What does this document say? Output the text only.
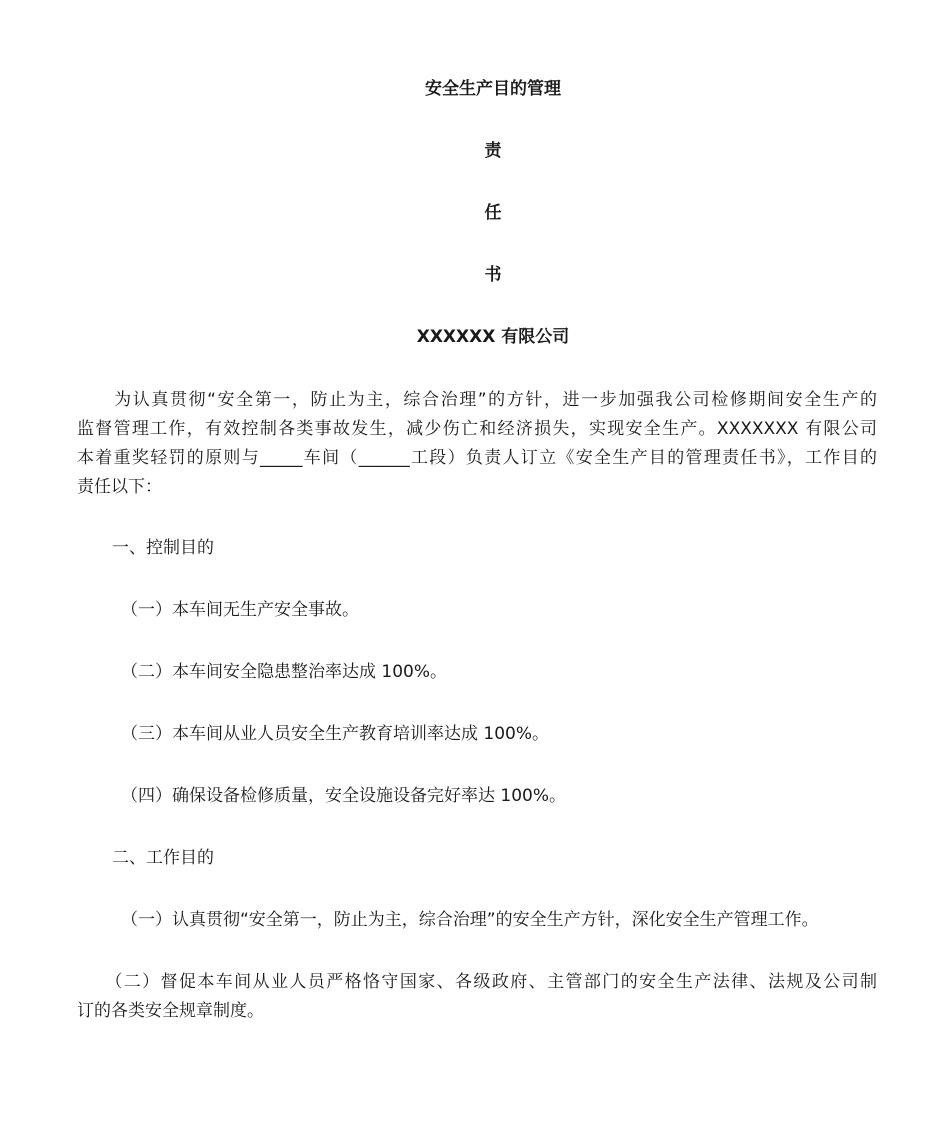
安全生产目的管理

责

任

书

XXXXXX 有限公司

　　为认真贯彻“安全第一，防止为主，综合治理”的方针，进一步加强我公司检修期间安全生产的

监督管理工作，有效控制各类事故发生，减少伤亡和经济损失，实现安全生产。XXXXXXX 有限公司

本着重奖轻罚的原则与_____车间（______工段）负责人订立《安全生产目的管理责任书》，工作目的

责任以下：

一、控制目的

（一）本车间无生产安全事故。

（二）本车间安全隐患整治率达成 100%。

（三）本车间从业人员安全生产教育培训率达成 100%。

（四）确保设备检修质量，安全设施设备完好率达 100%。

二、工作目的

（一）认真贯彻“安全第一，防止为主，综合治理”的安全生产方针，深化安全生产管理工作。

　　（二）督促本车间从业人员严格恪守国家、各级政府、主管部门的安全生产法律、法规及公司制

订的各类安全规章制度。
